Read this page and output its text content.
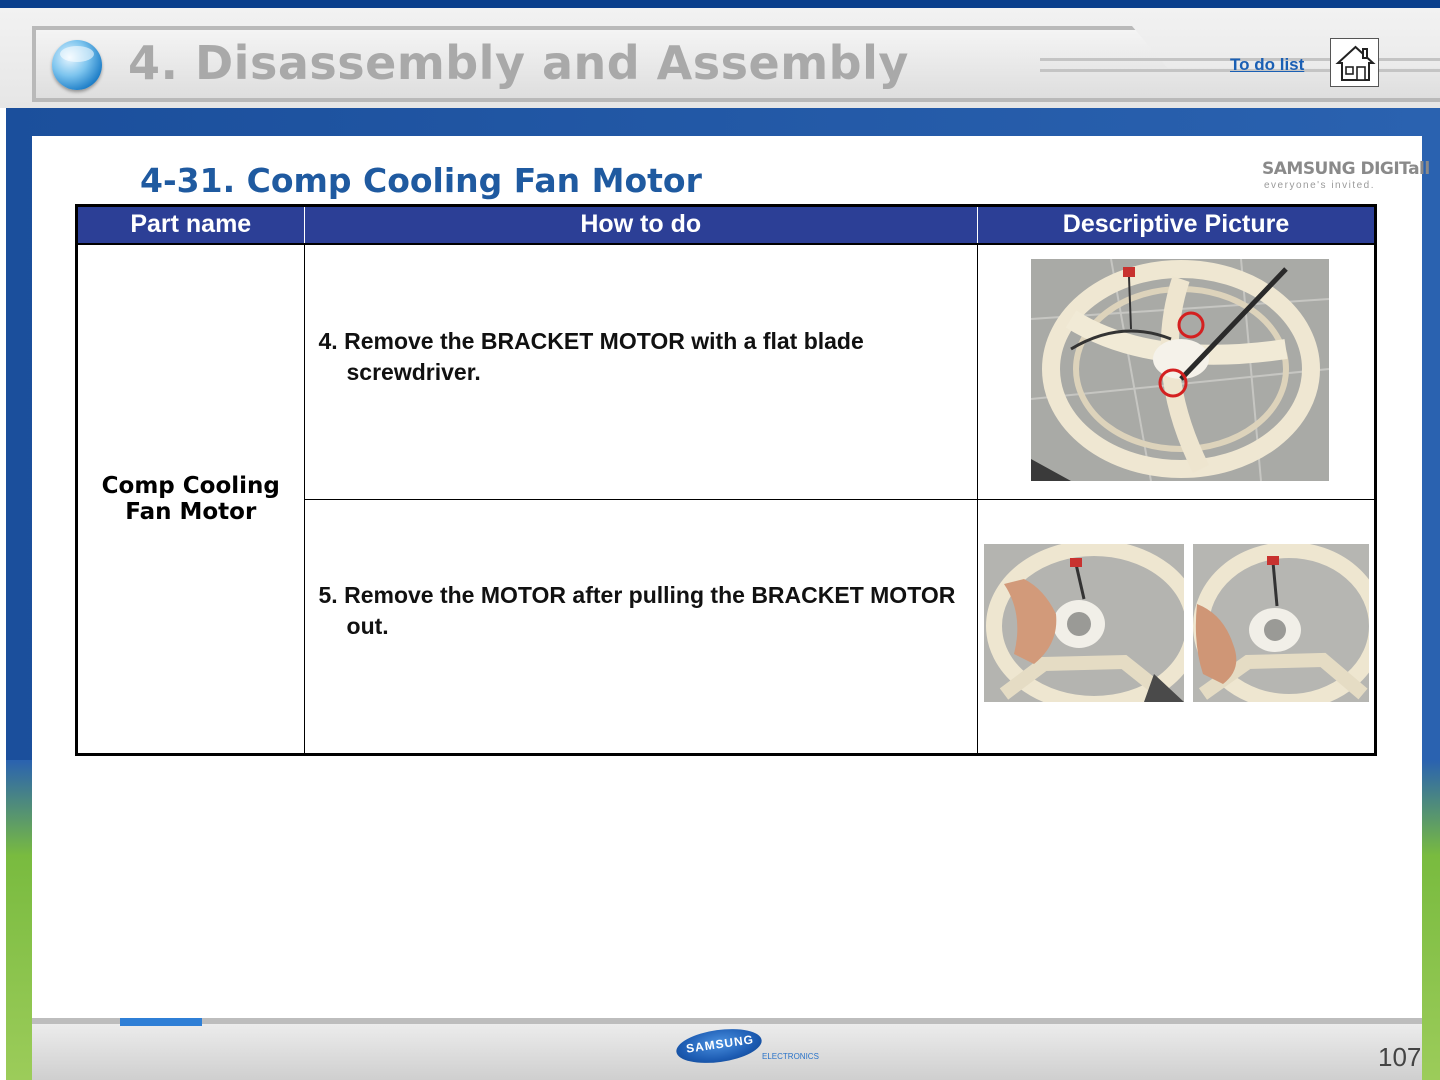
4. Disassembly and Assembly	To do list
SAMSUNG
ELECTRONICS	107
SAMSUNG DIGITall
everyone's invited.
4-31. Comp Cooling Fan Motor
Part name	How to do	Descriptive Picture

Comp Cooling
Fan Motor	4. Remove the BRACKET MOTOR with a flat blade screwdriver.

	5. Remove the MOTOR after pulling the BRACKET MOTOR out.
